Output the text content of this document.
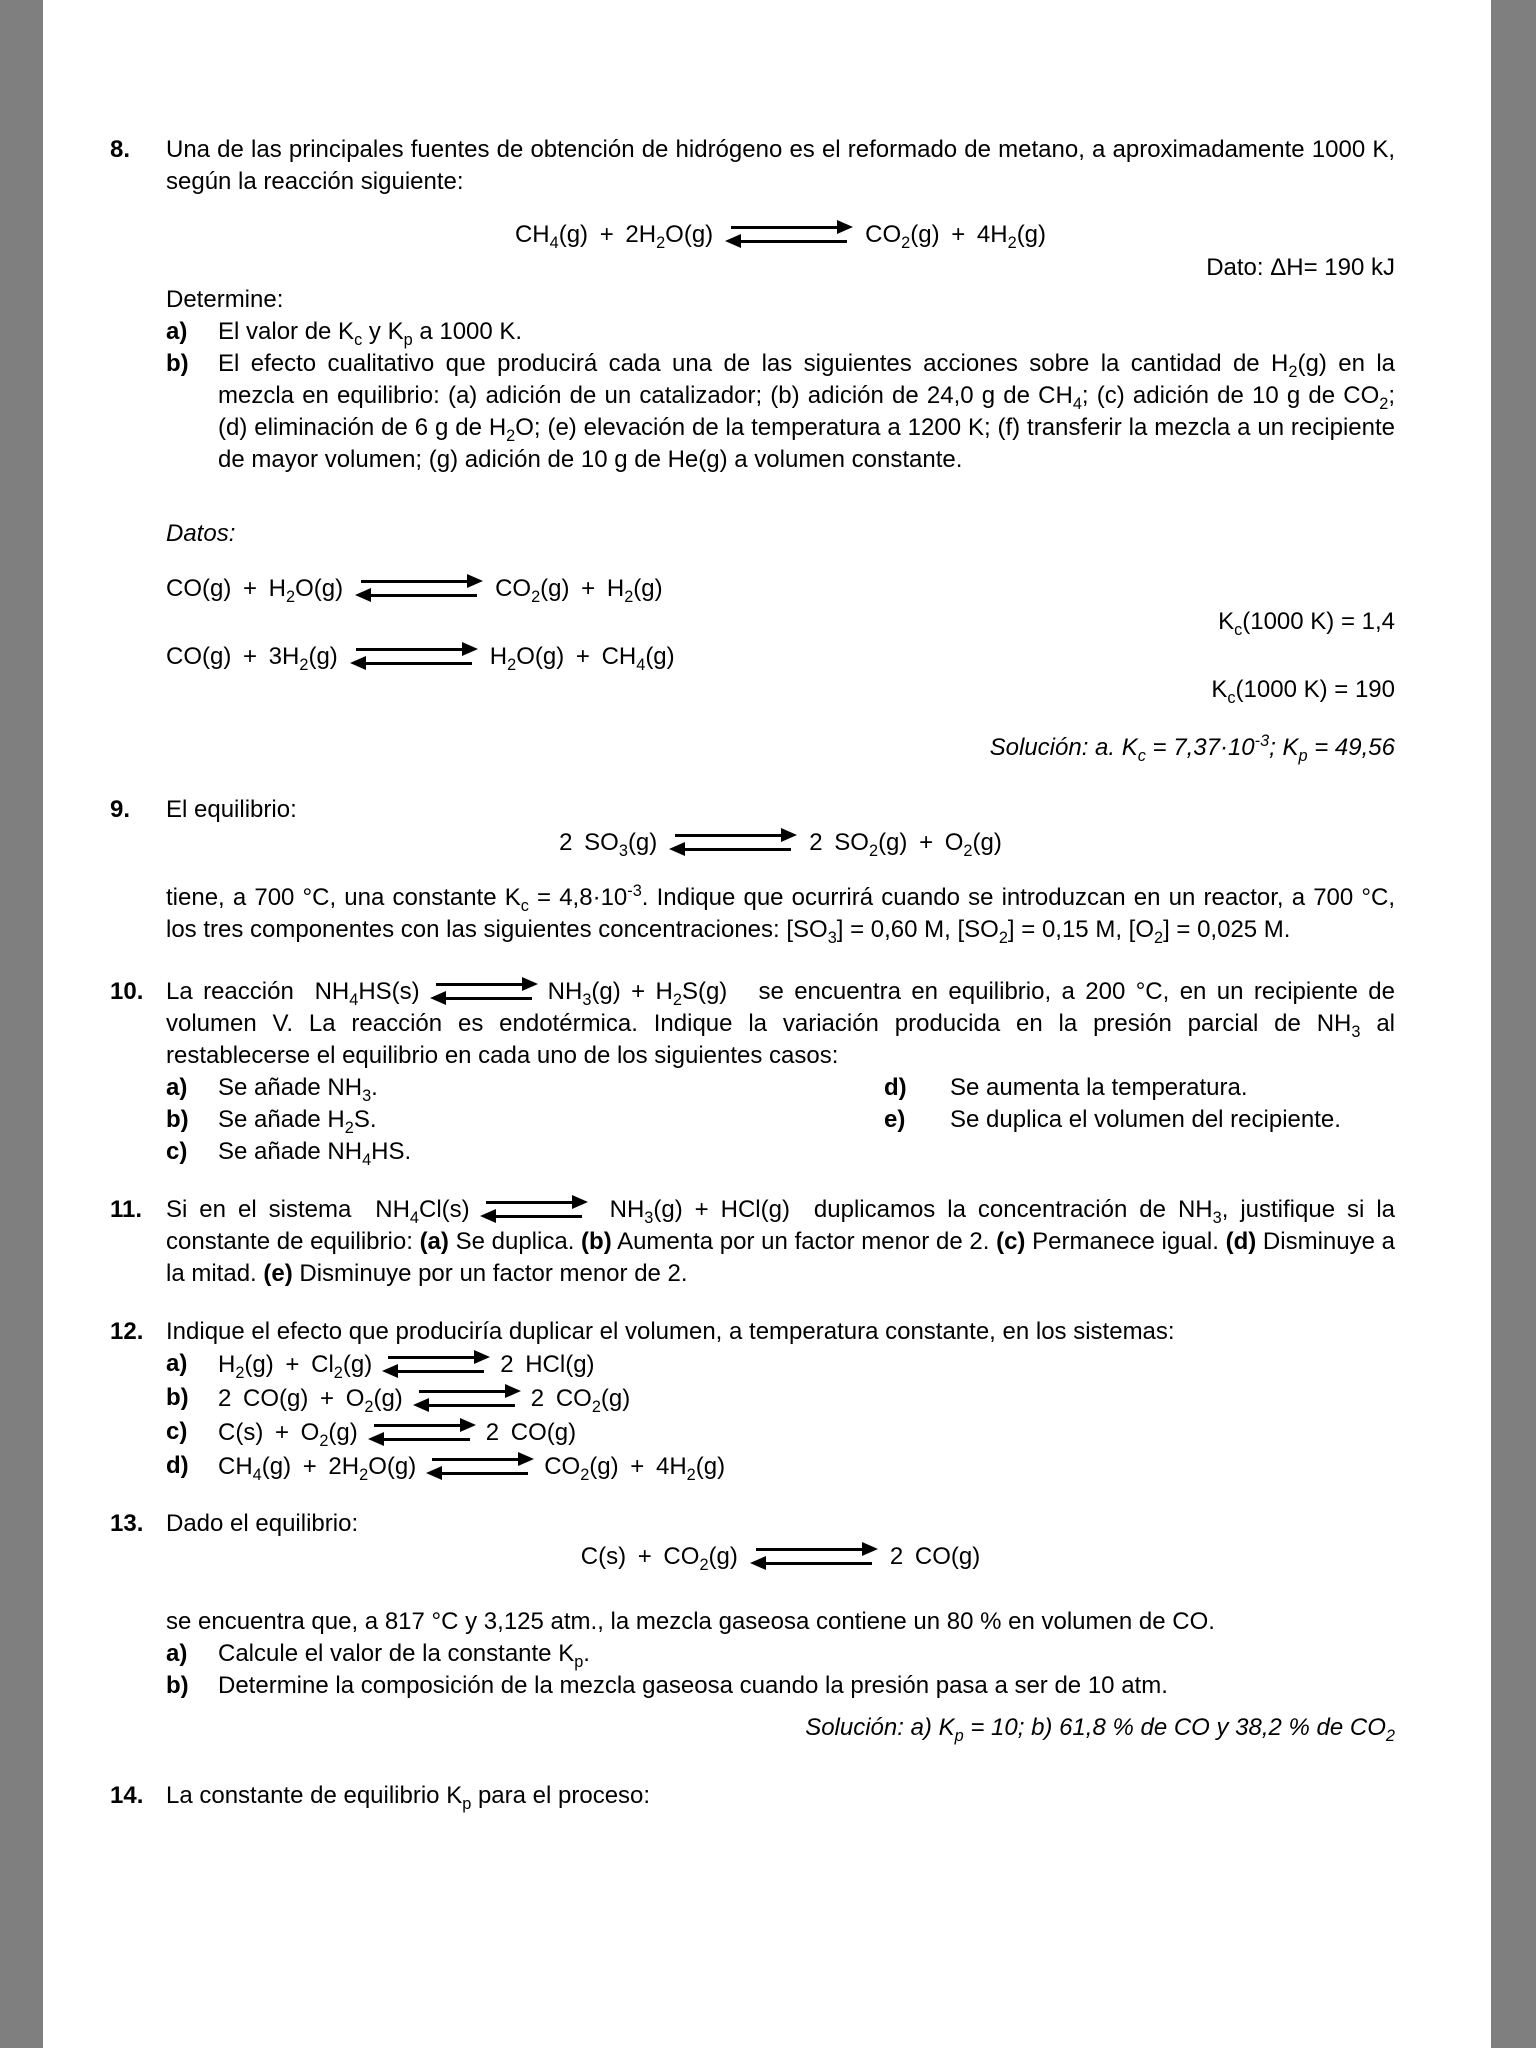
8.	Una de las principales fuentes de obtención de hidrógeno es el reformado de metano, a aproximadamente 1000 K, según la reacción siguiente:

$CH_4(g) + 2H_2O(g)$	$CO_2(g) + 4H_2(g)$

Dato: ΔH= 190 kJ

Determine:

a)	El valor de $K_c$ y $K_p$ a 1000 K.
b)	El efecto cualitativo que producirá cada una de las siguientes acciones sobre la cantidad de $H_2(g)$ en la mezcla en equilibrio: (a) adición de un catalizador; (b) adición de 24,0 g de $CH_4$; (c) adición de 10 g de $CO_2$; (d) eliminación de 6 g de $H_2O$; (e) elevación de la temperatura a 1200 K; (f) transferir la mezcla a un recipiente de mayor volumen; (g) adición de 10 g de He(g) a volumen constante.

Datos:

$CO(g) + H_2O(g)$	$CO_2(g) + H_2(g)$

$K_c(1000$ K) = 1,4

$CO(g) + 3H_2(g)$	$H_2O(g) + CH_4(g)$

$K_c(1000$ K) = 190

Solución: a. $K_c = 7,37\cdot 10^{-3}$; $K_p = 49,56$

9.	El equilibrio:

2 $SO_3(g)$	2 $SO_2(g) + O_2(g)$

tiene, a 700 °C, una constante $K_c = 4,8\cdot 10^{-3}$. Indique que ocurrirá cuando se introduzcan en un reactor, a 700 °C, los tres componentes con las siguientes concentraciones: $[SO_3] = 0,60$ M, $[SO_2] = 0,15$ M, $[O_2] = 0,025$ M.

10. La reacción  $NH_4HS(s)$	$NH_3(g) + H_2S(g)$   se encuentra en equilibrio, a 200 °C, en un recipiente de volumen V. La reacción es endotérmica. Indique la variación producida en la presión parcial de $NH_3$ al restablecerse el equilibrio en cada uno de los siguientes casos:

a)	Se añade $NH_3$.	d)	Se aumenta la temperatura.
b)	Se añade $H_2S$.	e)	Se duplica el volumen del recipiente.
c)	Se añade $NH_4HS$.
11. Si en el sistema  $NH_4Cl(s)$	$NH_3(g) + HCl(g)$  duplicamos la concentración de $NH_3$, justifique si la constante de equilibrio: (a) Se duplica. (b) Aumenta por un factor menor de 2. (c) Permanece igual. (d) Disminuye a la mitad. (e) Disminuye por un factor menor de 2.

12. Indique el efecto que produciría duplicar el volumen, a temperatura constante, en los sistemas:

a)	$H_2(g) + Cl_2(g)$	2 HCl(g)
b)	2 $CO(g) + O_2(g)$	2 $CO_2(g)$
c)	$C(s) + O_2(g)$	2 CO(g)
d)	$CH_4(g) + 2H_2O(g)$	$CO_2(g) + 4H_2(g)$
13. Dado el equilibrio:

$C(s) + CO_2(g)$	2 CO(g)

se encuentra que, a 817 °C y 3,125 atm., la mezcla gaseosa contiene un 80 % en volumen de CO.

a)	Calcule el valor de la constante $K_p$.
b)	Determine la composición de la mezcla gaseosa cuando la presión pasa a ser de 10 atm.

Solución: a) $K_p = 10$; b) 61,8 % de CO y 38,2 % de $CO_2$

14. La constante de equilibrio $K_p$ para el proceso:
